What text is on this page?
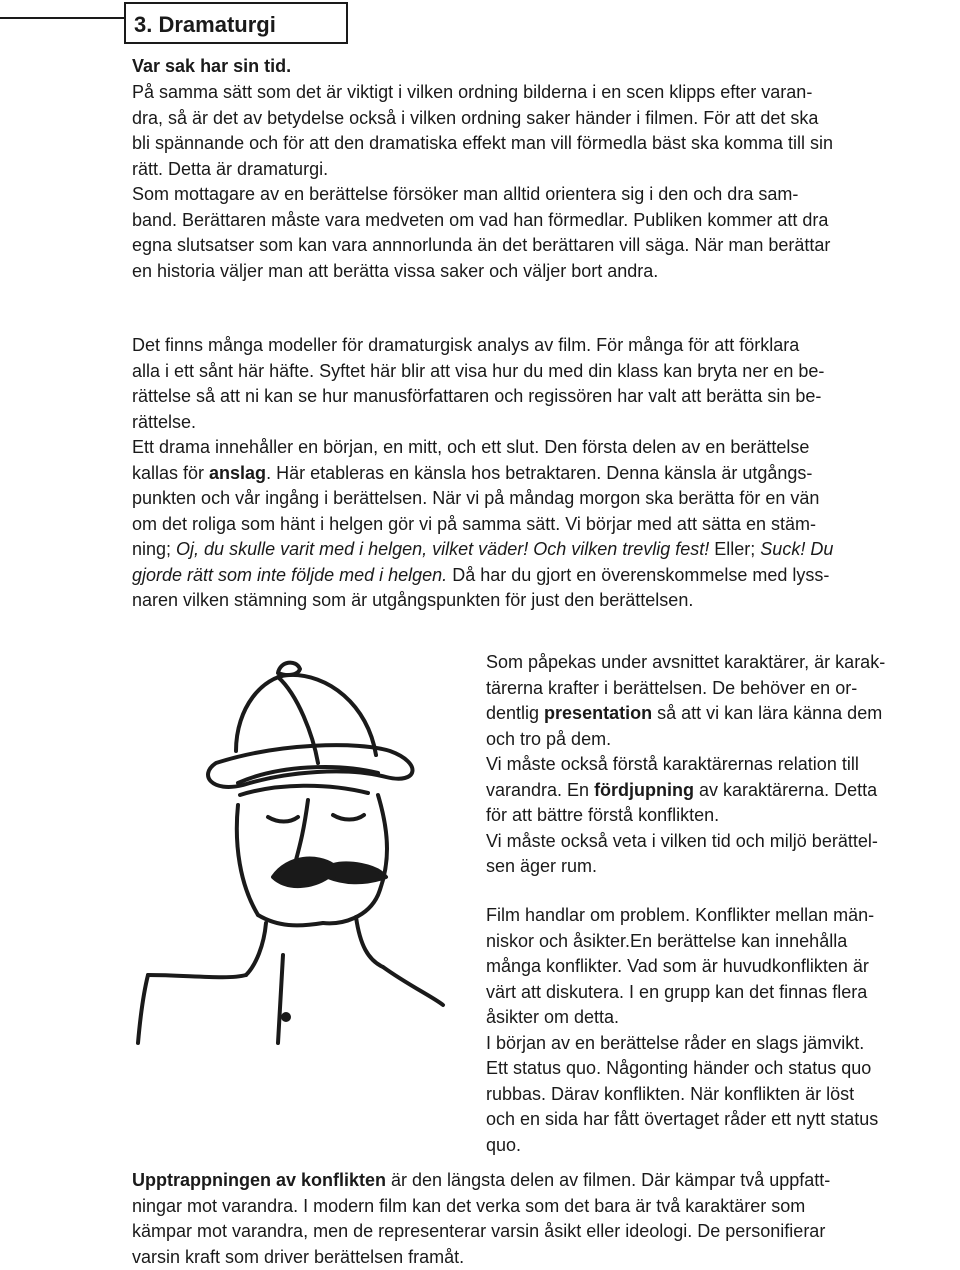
3. Dramaturgi
Var sak har sin tid.
På samma sätt som det är viktigt i vilken ordning bilderna i en scen klipps efter varan-
dra, så är det av betydelse också i vilken ordning saker händer i filmen. För att det ska
bli spännande och för att den dramatiska effekt man vill förmedla bäst ska komma till sin
rätt. Detta är dramaturgi.
Som mottagare av en berättelse försöker man alltid orientera sig i den och dra sam-
band. Berättaren måste vara medveten om vad han förmedlar. Publiken kommer att dra
egna slutsatser som kan vara annnorlunda än det berättaren vill säga. När man berättar
en historia väljer man att berätta vissa saker och väljer bort andra.
Det finns många modeller för dramaturgisk analys av film. För många för att förklara
alla i ett sånt här häfte. Syftet här blir att visa hur du med din klass kan bryta ner en be-
rättelse så att ni kan se hur manusförfattaren och regissören har valt att berätta sin be-
rättelse.
Ett drama innehåller en början, en mitt, och ett slut. Den första delen av en berättelse
kallas för anslag. Här etableras en känsla hos betraktaren. Denna känsla är utgångs-
punkten och vår ingång i berättelsen. När vi på måndag morgon ska berätta för en vän
om det roliga som hänt i helgen gör vi på samma sätt. Vi börjar med att sätta en stäm-
ning; Oj, du skulle varit med i helgen, vilket väder! Och vilken trevlig fest! Eller; Suck! Du
gjorde rätt som inte följde med i helgen. Då har du gjort en överenskommelse med lyss-
naren vilken stämning som är utgångspunkten för just den berättelsen.
Som påpekas under avsnittet karaktärer, är karak-
tärerna krafter i berättelsen. De behöver en or-
dentlig presentation så att vi kan lära känna dem
och tro på dem.
Vi måste också förstå karaktärernas relation till
varandra. En fördjupning av karaktärerna. Detta
för att bättre förstå konflikten.
Vi måste också veta i vilken tid och miljö berättel-
sen äger rum.
Film handlar om problem. Konflikter mellan män-
niskor och åsikter.En berättelse kan innehålla
många konflikter. Vad som är huvudkonflikten är
värt att diskutera. I en grupp kan det finnas flera
åsikter om detta.
I början av en berättelse råder en slags jämvikt.
Ett status quo. Någonting händer och status quo
rubbas. Därav konflikten. När konflikten är löst
och en sida har fått övertaget råder ett nytt status
quo.
Upptrappningen av konflikten är den längsta delen av filmen. Där kämpar två uppfatt-
ningar mot varandra. I modern film kan det verka som det bara är två karaktärer som
kämpar mot varandra, men de representerar varsin åsikt eller ideologi. De personifierar
varsin kraft som driver berättelsen framåt.
